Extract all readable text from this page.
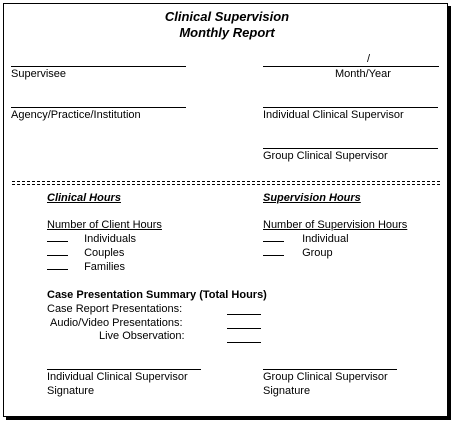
Clinical Supervision
Monthly Report
Supervisee
/
Month/Year
Agency/Practice/Institution	Individual Clinical Supervisor
Group Clinical Supervisor
Clinical Hours
Number of Client Hours
Individuals
Couples
Families
Supervision Hours
Number of Supervision Hours
Individual
Group
Case Presentation Summary (Total Hours)
Case Report Presentations:
Audio/Video Presentations:
Live Observation:
Individual Clinical Supervisor
Signature
Group Clinical Supervisor
Signature
